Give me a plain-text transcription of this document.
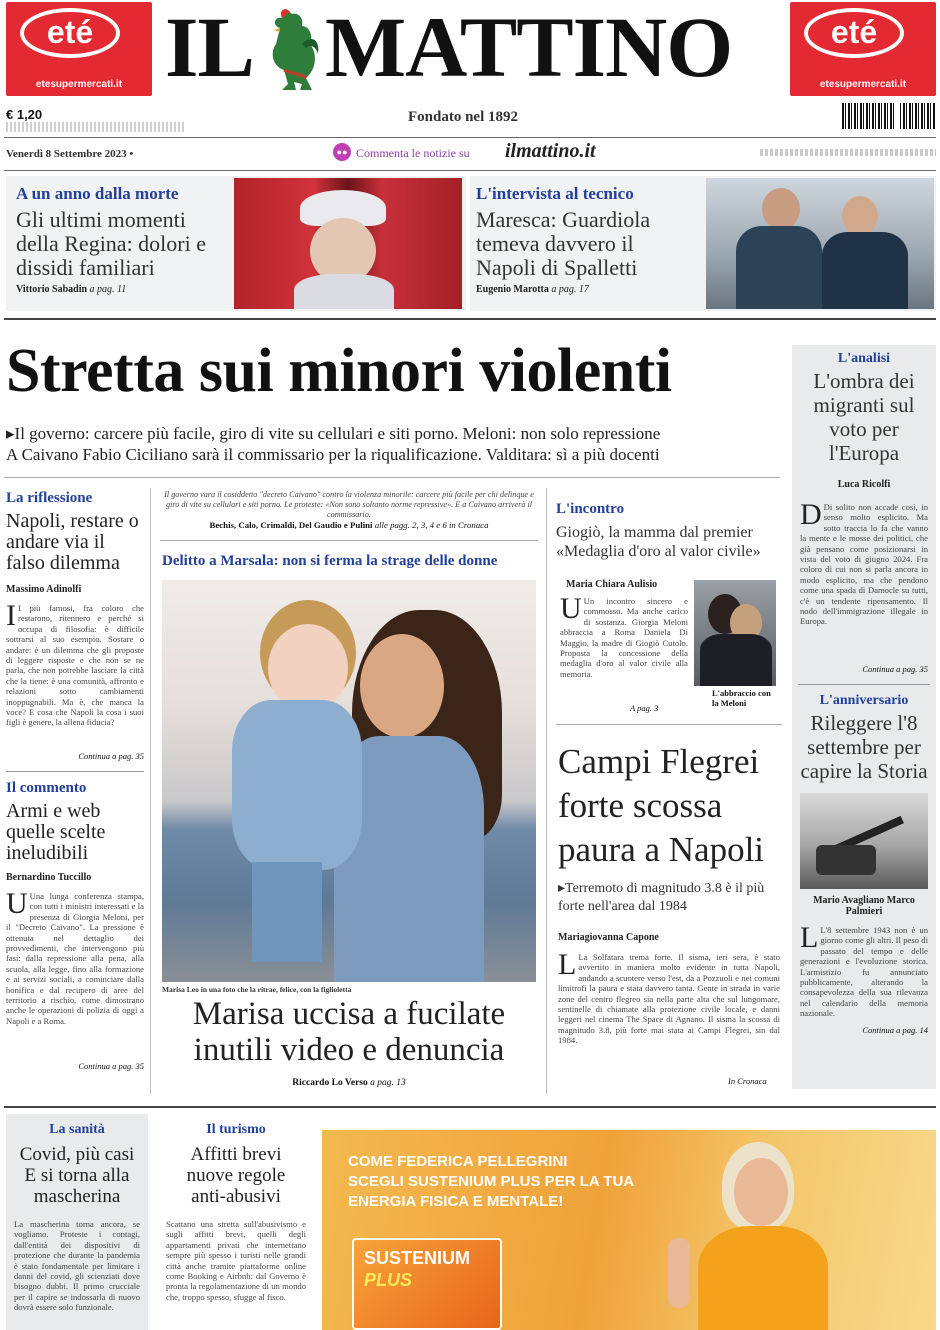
eté
etesupermercati.it
eté
etesupermercati.it
IL MATTINO
€ 1,20	Fondato nel 1892
Venerdì 8 Settembre 2023 •	●● Commenta le notizie su ilmattino.it
A un anno dalla morte
Gli ultimi momenti della Regina: dolori e dissidi familiari
Vittorio Sabadin a pag. 11
L'intervista al tecnico
Maresca: Guardiola temeva davvero il Napoli di Spalletti
Eugenio Marotta a pag. 17
Stretta sui minori violenti
▸Il governo: carcere più facile, giro di vite su cellulari e siti porno. Meloni: non solo repressione
A Caivano Fabio Ciciliano sarà il commissario per la riqualificazione. Valditara: sì a più docenti
L'analisi
L'ombra dei migranti sul voto per l'Europa
Luca Ricolfi
D Di solito non accade così, in senso molto esplicito. Ma sotto traccia lo fa che vanno la mente e le mosse dei politici, che già pensano come posizionarsi in vista del voto di giugno 2024. Fra coloro di cui non si parla ancora in modo esplicito, ma che pendono come una spada di Damocle su tutti, c'è un tendente ripensamento. Il nodo dell'immigrazione illegale in Europa.
Continua a pag. 35
L'anniversario
Rileggere l'8 settembre per capire la Storia
Mario Avagliano Marco Palmieri
L L'8 settembre 1943 non è un giorno come gli altri. Il peso di passato del tempo e delle generazioni e l'evoluzione storica. L'armistizio fu annunciato pubblicamente, alterando la consapevolezza della sua rilevanza nel calendario della memoria nazionale.
Continua a pag. 14
La riflessione
Napoli, restare o andare via il falso dilemma
Massimo Adinolfi
I I più famosi, fra coloro che restarono, ritennero e perché si occupa di filosofia: è difficile sottrarsi al suo esempio. Sostare o andare: è un dilemma che gli proposte di leggere risposte e che non se ne parla, che non potrebbe lasciare la città che la tiene: è una comunità, affronto e relazioni sotto cambiamenti inoppugnabili. Ma è, che manca la voce? E cosa che Napoli la cosa i suoi figli è genere, la allena fiducia?
Continua a pag. 35
Il commento
Armi e web quelle scelte ineludibili
Bernardino Tuccillo
U Una lunga conferenza stampa, con tutti i ministri interessati e la presenza di Giorgia Meloni, per il "Decreto Caivano". La pressione è ottenuta nel dettaglio dei provvedimenti, che intervengono più fasi: dalla repressione alla pena, alla scuola, alla legge, fino alla formazione e ai servizi sociali, a cominciare dalla bonifica e dal recupero di aree del territorio a rischio, come dimostrano anche le operazioni di polizia di oggi a Napoli e a Roma.
Continua a pag. 35
Il governo vara il cosiddetto "decreto Caivano" contro la violenza minorile: carcere più facile per chi delinque e giro di vite su cellulari e siti porno. Le proteste: «Non sono soltanto norme repressive». E a Caivano arriverà il commissario.
Bechis, Calo, Crimaldi, Del Gaudio e Pulini alle pagg. 2, 3, 4 e 6 in Cronaca
Delitto a Marsala: non si ferma la strage delle donne
Marisa Leo in una foto che la ritrae, felice, con la figlioletta
Marisa uccisa a fucilate inutili video e denuncia
Riccardo Lo Verso a pag. 13
L'incontro
Giogiò, la mamma dal premier «Medaglia d'oro al valor civile»
Maria Chiara Aulisio
U Un incontro sincero e commosso. Ma anche carico di sostanza. Giorgia Meloni abbraccia a Roma Daniela Di Maggio, la madre di Giogiò Cutolo. Proposta la concessione della medaglia d'oro al valor civile alla memoria.
A pag. 3
L'abbraccio con la Meloni
Campi Flegrei forte scossa paura a Napoli
▸Terremoto di magnitudo 3.8 è il più forte nell'area dal 1984
Mariagiovanna Capone
L La Solfatara trema forte. Il sisma, ieri sera, è stato avvertito in maniera molto evidente in tutta Napoli, andando a scuotere verso l'est, da a Pozzuoli e nei comuni limitrofi la paura e stata davvero tanta. Gente in strada in varie zone del centro flegreo sia nella parte alta che sul lungomare, sentinelle di chiamate alla protezione civile locale, e danni leggeri nel cinema The Space di Agnano. Il sisma la scossa di magnitudo 3.8, più forte mai stata ai Campi Flegrei, sin dal 1984.
In Cronaca
La sanità
Covid, più casi E si torna alla mascherina
La mascherina torna ancora, se vogliamo. Proteste i contagi, dall'entità dei dispositivi di protezione che durante la pandemia è stato fondamentale per limitare i danni del covid, gli scienziati dove bisogno dubbi. Il primo crucciale per il capire se indossarla di nuovo dovrà essere solo funzionale.
Il turismo
Affitti brevi nuove regole anti-abusivi
Scattano una stretta sull'abusivismo e sugli affitti brevi, quelli degli appartamenti privati che internettano sempre più spesso i turisti nelle grandi città anche tramite piattaforme online come Booking e Airbnb: dal Governo è pronta la regolamentazione di un mondo che, troppo spesso, sfugge al fisco.
COME FEDERICA PELLEGRINI
SCEGLI SUSTENIUM PLUS PER LA TUA
ENERGIA FISICA E MENTALE!
SUSTENIUM
PLUS
